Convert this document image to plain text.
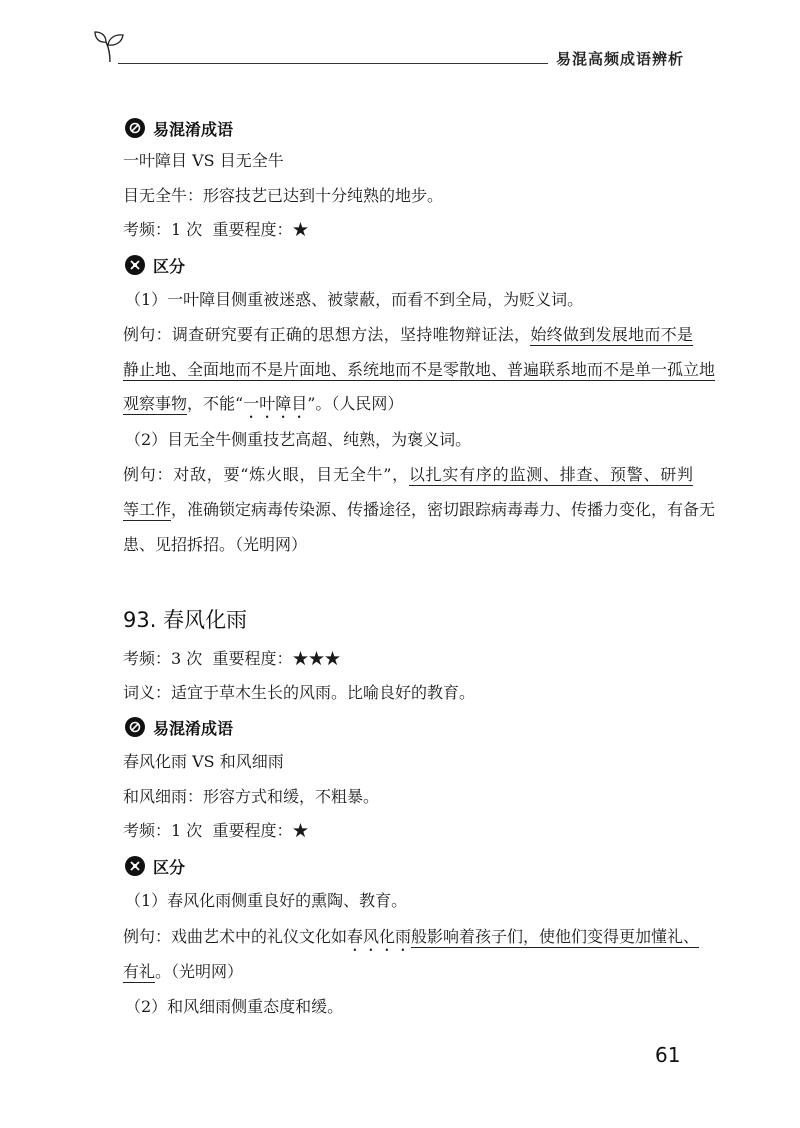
易混高频成语辨析
易混淆成语
一叶障目 VS 目无全牛
目无全牛：形容技艺已达到十分纯熟的地步。
考频：1 次 重要程度：★
区分
（1）一叶障目侧重被迷惑、被蒙蔽，而看不到全局，为贬义词。
例句：调查研究要有正确的思想方法，坚持唯物辩证法，始终做到发展地而不是
静止地、全面地而不是片面地、系统地而不是零散地、普遍联系地而不是单一孤立地
观察事物，不能“一叶障目”。（人民网）
（2）目无全牛侧重技艺高超、纯熟，为褒义词。
例句：对敌，要“炼火眼，目无全牛”，以扎实有序的监测、排查、预警、研判
等工作，准确锁定病毒传染源、传播途径，密切跟踪病毒毒力、传播力变化，有备无
患、见招拆招。（光明网）
93. 春风化雨
考频：3 次 重要程度：★★★
词义：适宜于草木生长的风雨。比喻良好的教育。
易混淆成语
春风化雨 VS 和风细雨
和风细雨：形容方式和缓，不粗暴。
考频：1 次 重要程度：★
区分
（1）春风化雨侧重良好的熏陶、教育。
例句：戏曲艺术中的礼仪文化如春风化雨般影响着孩子们，使他们变得更加懂礼、
有礼。（光明网）
（2）和风细雨侧重态度和缓。
61
